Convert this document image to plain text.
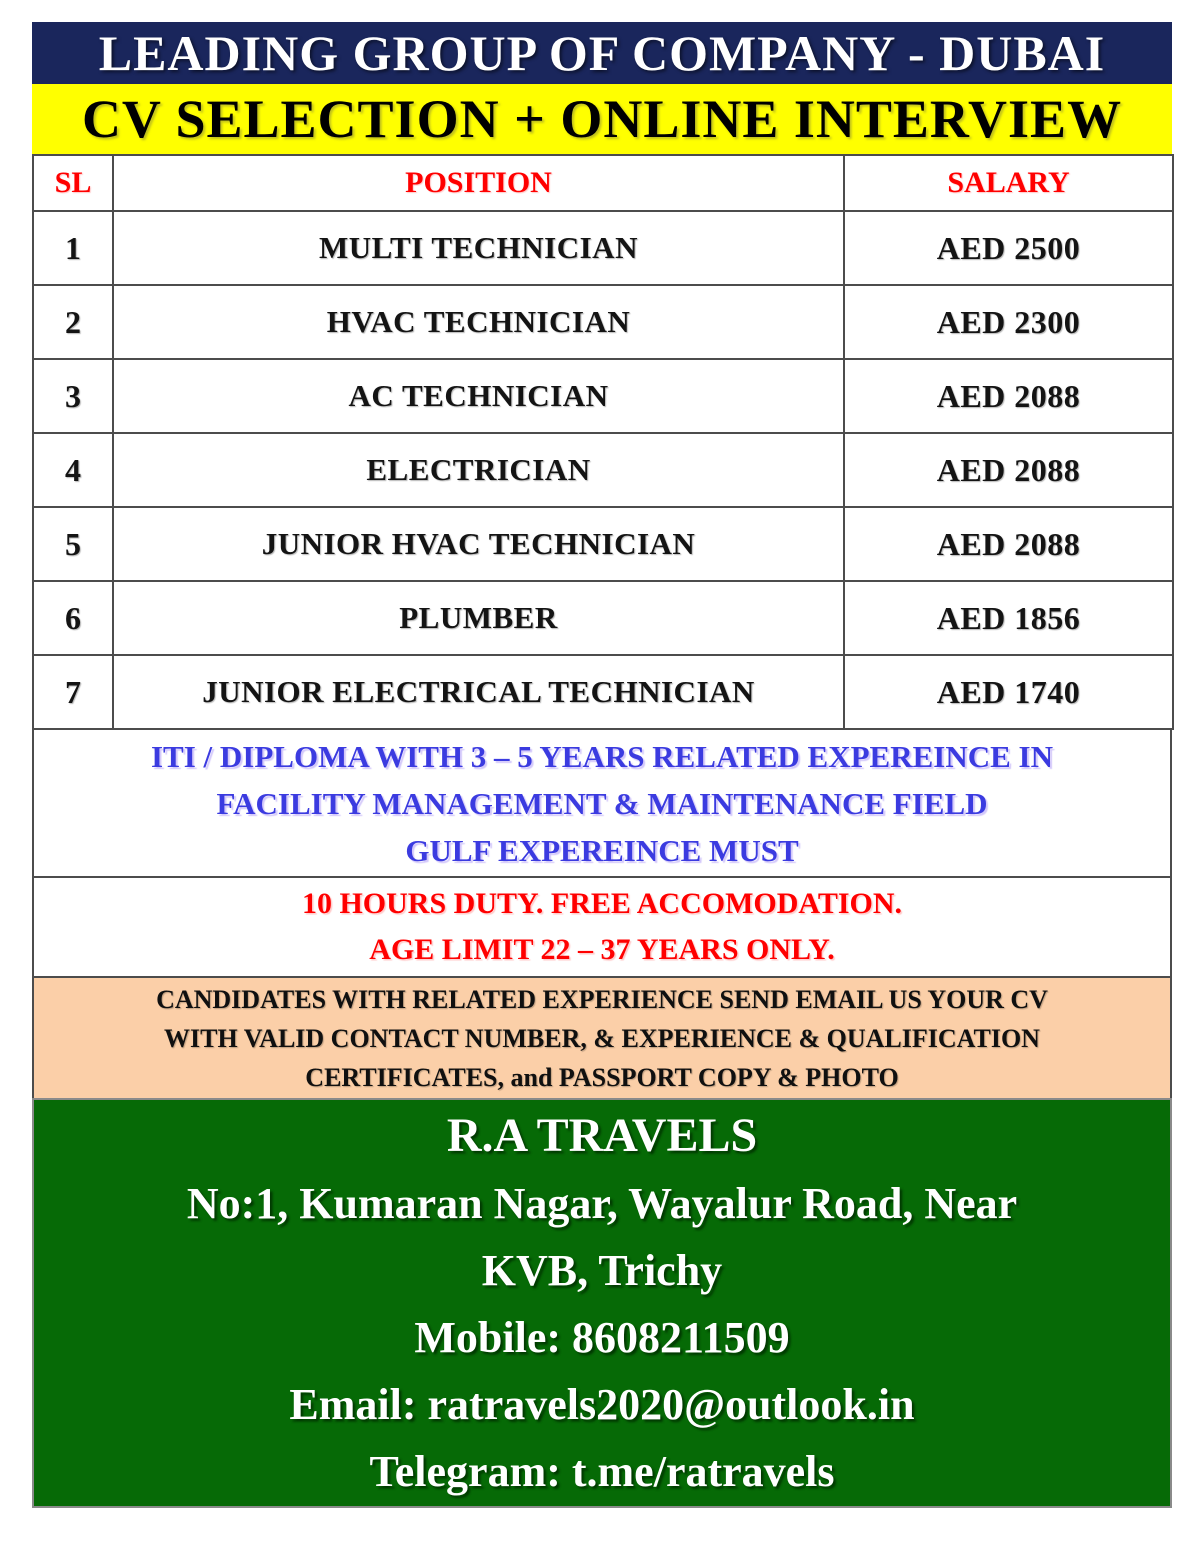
LEADING GROUP OF COMPANY - DUBAI
CV SELECTION + ONLINE INTERVIEW
SL	POSITION	SALARY
1	MULTI TECHNICIAN	AED 2500
2	HVAC TECHNICIAN	AED 2300
3	AC TECHNICIAN	AED 2088
4	ELECTRICIAN	AED 2088
5	JUNIOR HVAC TECHNICIAN	AED 2088
6	PLUMBER	AED 1856
7	JUNIOR ELECTRICAL TECHNICIAN	AED 1740
ITI / DIPLOMA WITH 3 – 5 YEARS RELATED EXPEREINCE IN
FACILITY MANAGEMENT & MAINTENANCE FIELD
GULF EXPEREINCE MUST
10 HOURS DUTY. FREE ACCOMODATION.
AGE LIMIT 22 – 37 YEARS ONLY.
CANDIDATES WITH RELATED EXPERIENCE SEND EMAIL US YOUR CV
WITH VALID CONTACT NUMBER, & EXPERIENCE & QUALIFICATION
CERTIFICATES, and PASSPORT COPY & PHOTO
R.A TRAVELS
No:1, Kumaran Nagar, Wayalur Road, Near
KVB, Trichy
Mobile: 8608211509
Email: ratravels2020@outlook.in
Telegram: t.me/ratravels
